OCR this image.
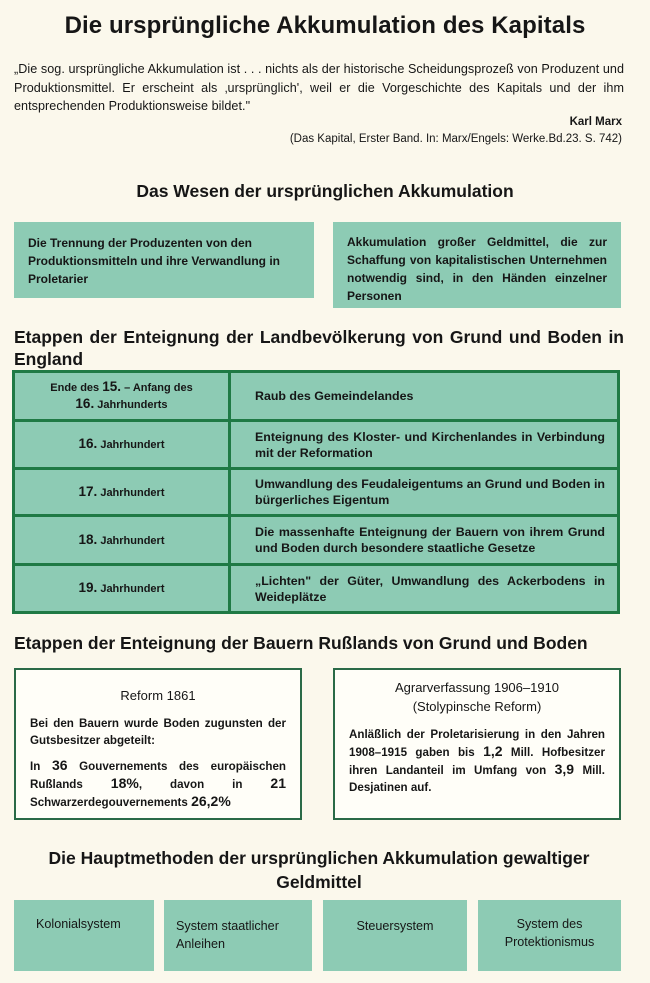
Die ursprüngliche Akkumulation des Kapitals
„Die sog. ursprüngliche Akkumulation ist . . . nichts als der historische Scheidungsprozeß von Produzent und Produktionsmittel. Er erscheint als ‚ursprünglich', weil er die Vorgeschichte des Kapitals und der ihm entsprechenden Produktionsweise bildet."
Karl Marx
(Das Kapital, Erster Band. In: Marx/Engels: Werke.Bd.23. S. 742)
Das Wesen der ursprünglichen Akkumulation
Die Trennung der Produzenten von den Produktionsmitteln und ihre Verwandlung in Proletarier
Akkumulation großer Geldmittel, die zur Schaffung von kapitalistischen Unternehmen notwendig sind, in den Händen einzelner Personen
Etappen der Enteignung der Landbevölkerung von Grund und Boden in England
Ende des 15. – Anfang des
16. Jahrhunderts
Raub des Gemeindelandes
16. Jahrhundert
Enteignung des Kloster- und Kirchenlandes in Verbindung mit der Reformation
17. Jahrhundert
Umwandlung des Feudaleigentums an Grund und Boden in bürgerliches Eigentum
18. Jahrhundert
Die massenhafte Enteignung der Bauern von ihrem Grund und Boden durch besondere staatliche Gesetze
19. Jahrhundert
„Lichten" der Güter, Umwandlung des Ackerbodens in Weideplätze
Etappen der Enteignung der Bauern Rußlands von Grund und Boden
Reform 1861

Bei den Bauern wurde Boden zugunsten der Gutsbesitzer abgeteilt:

In 36 Gouvernements des europäischen Rußlands 18%, davon in 21 Schwarzerdegouvernements 26,2%

Agrarverfassung 1906–1910
(Stolypinsche Reform)

Anläßlich der Proletarisierung in den Jahren 1908–1915 gaben bis 1,2 Mill. Hofbesitzer ihren Landanteil im Umfang von 3,9 Mill. Desjatinen auf.

Die Hauptmethoden der ursprünglichen Akkumulation gewaltiger Geldmittel
Kolonialsystem	System staatlicher Anleihen
Steuersystem	System des Protektionismus
